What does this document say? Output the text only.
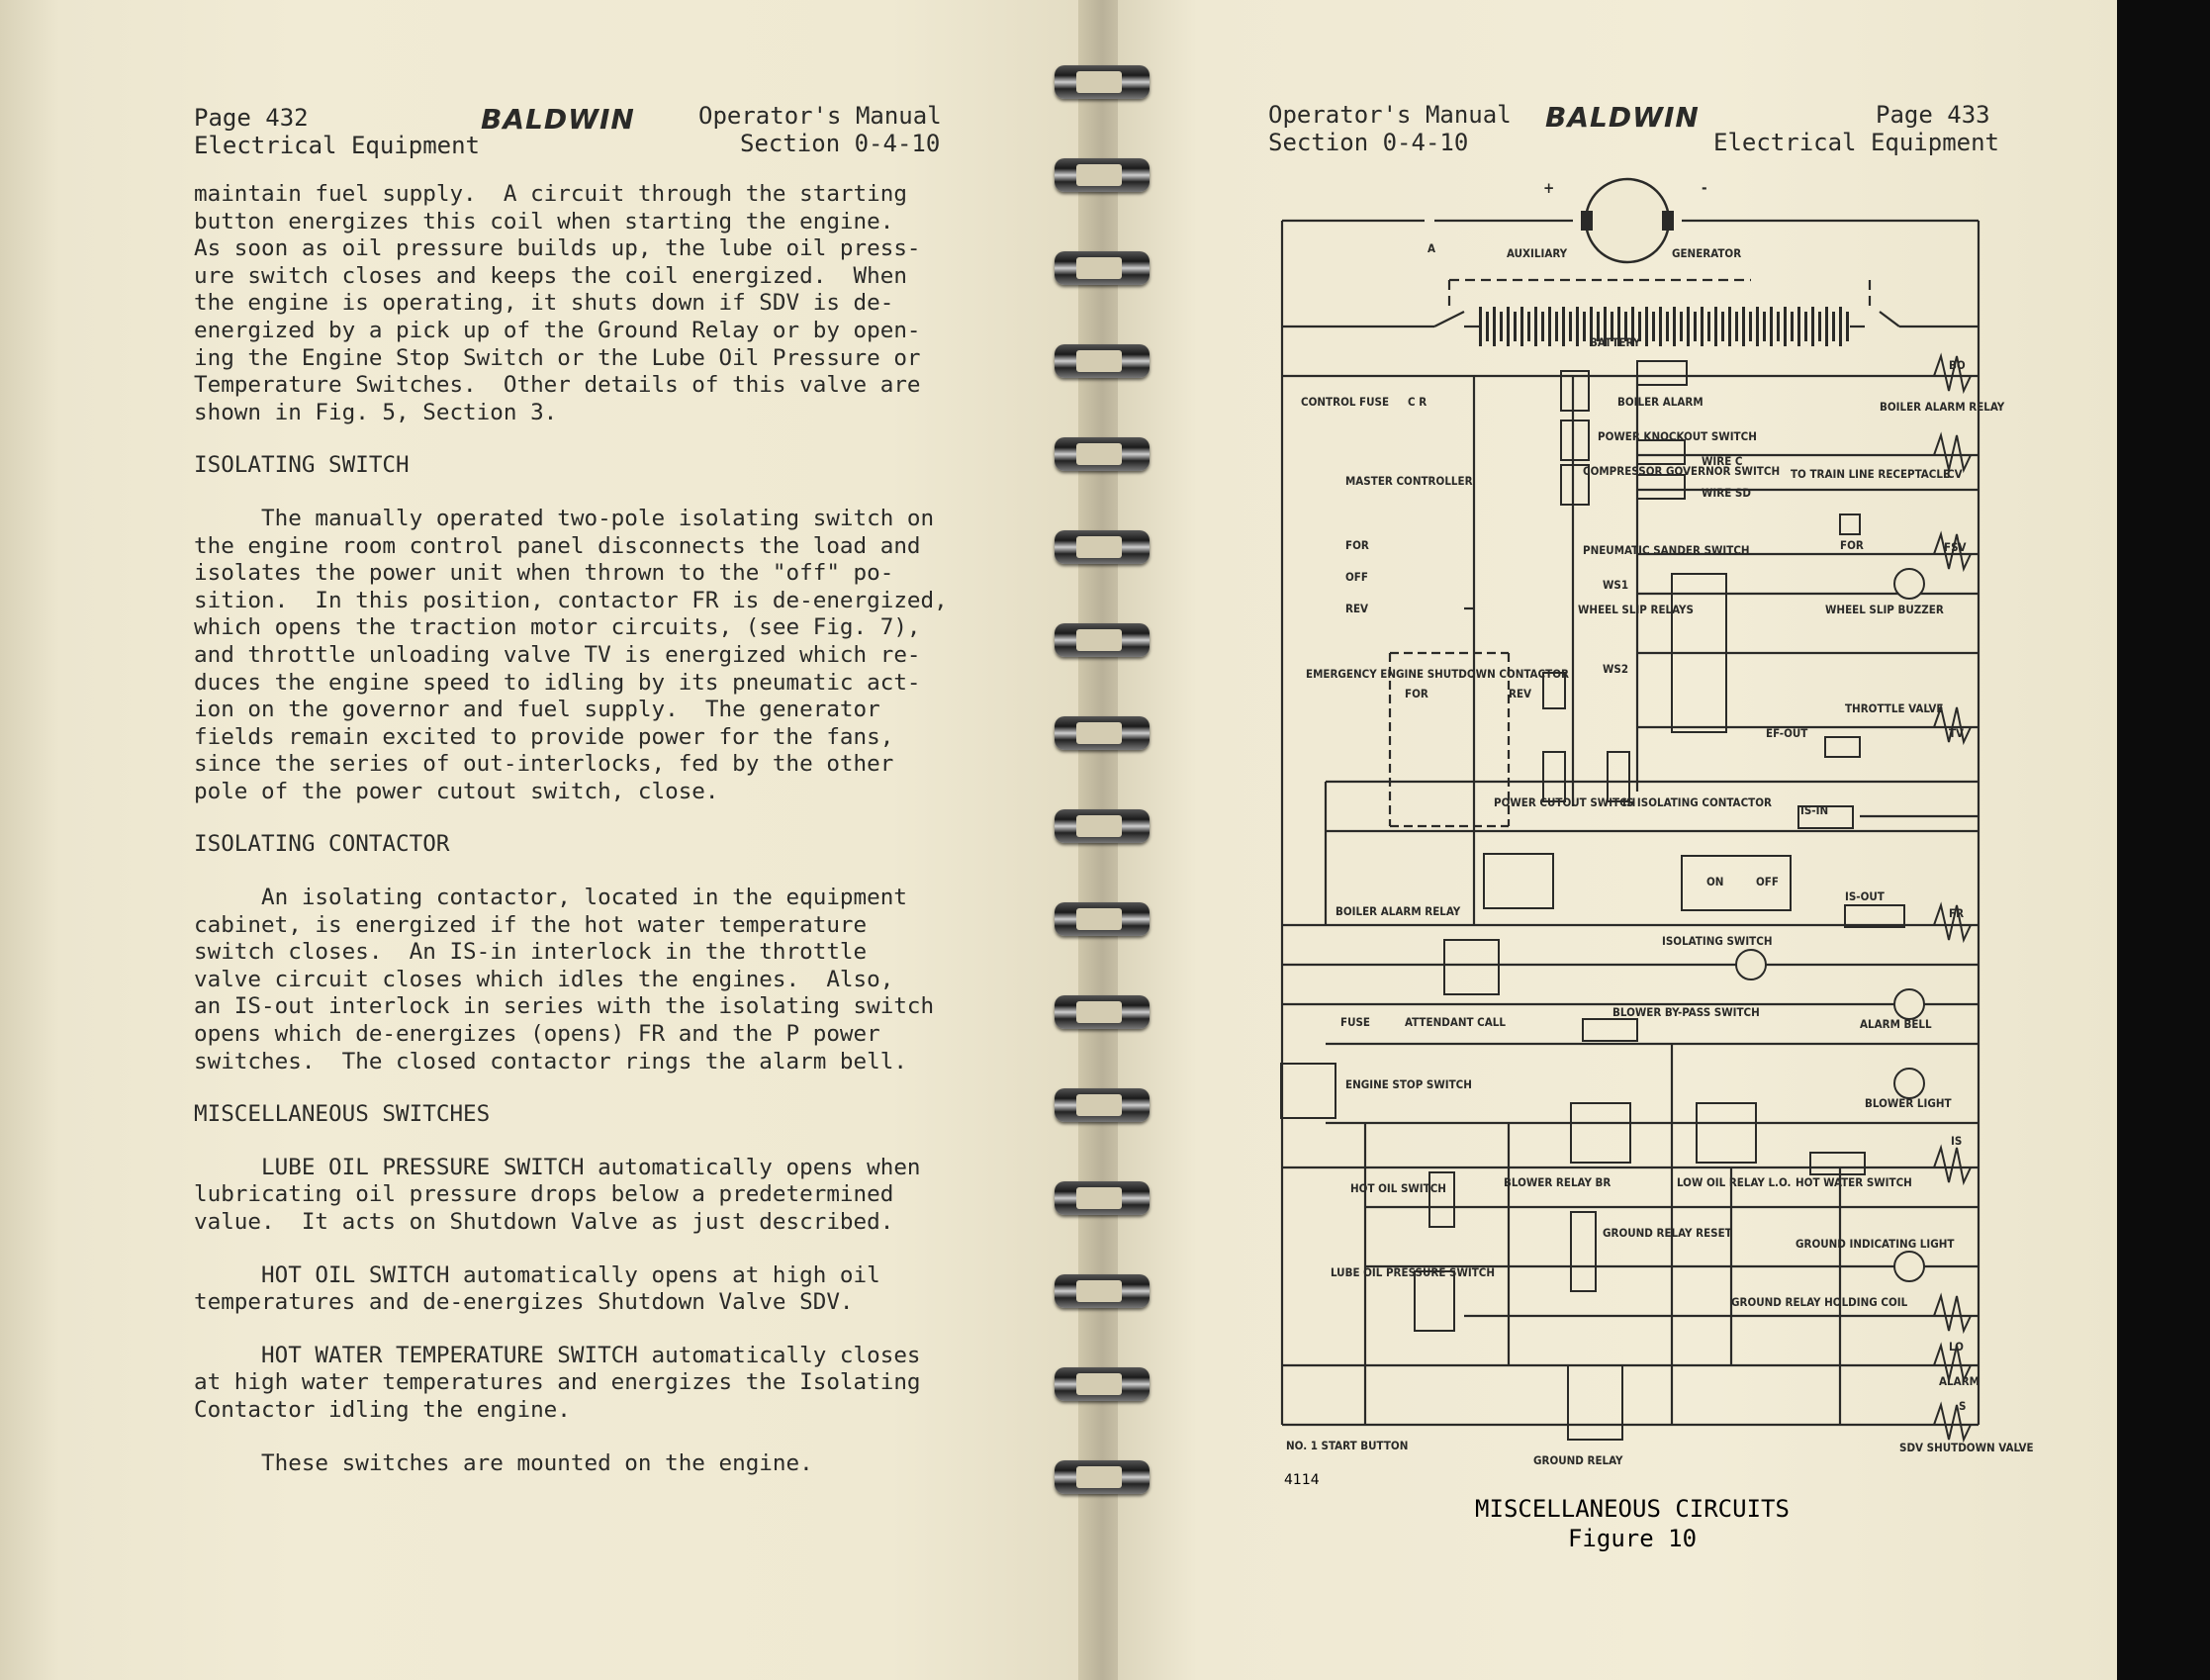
Page 432
Electrical Equipment
BALDWIN	Operator's Manual
Section 0-4-10

maintain fuel supply.  A circuit through the starting

button energizes this coil when starting the engine.

As soon as oil pressure builds up, the lube oil press-

ure switch closes and keeps the coil energized.  When

the engine is operating, it shuts down if SDV is de-

energized by a pick up of the Ground Relay or by open-

ing the Engine Stop Switch or the Lube Oil Pressure or

Temperature Switches.  Other details of this valve are

shown in Fig. 5, Section 3.

ISOLATING SWITCH

The manually operated two-pole isolating switch on

the engine room control panel disconnects the load and

isolates the power unit when thrown to the "off" po-

sition.  In this position, contactor FR is de-energized,

which opens the traction motor circuits, (see Fig. 7),

and throttle unloading valve TV is energized which re-

duces the engine speed to idling by its pneumatic act-

ion on the governor and fuel supply.  The generator

fields remain excited to provide power for the fans,

since the series of out-interlocks, fed by the other

pole of the power cutout switch, close.

ISOLATING CONTACTOR

An isolating contactor, located in the equipment

cabinet, is energized if the hot water temperature

switch closes.  An IS-in interlock in the throttle

valve circuit closes which idles the engines.  Also,

an IS-out interlock in series with the isolating switch

opens which de-energizes (opens) FR and the P power

switches.  The closed contactor rings the alarm bell.

MISCELLANEOUS SWITCHES

LUBE OIL PRESSURE SWITCH automatically opens when

lubricating oil pressure drops below a predetermined

value.  It acts on Shutdown Valve as just described.

HOT OIL SWITCH automatically opens at high oil

temperatures and de-energizes Shutdown Valve SDV.

HOT WATER TEMPERATURE SWITCH automatically closes

at high water temperatures and energizes the Isolating

Contactor idling the engine.

These switches are mounted on the engine.

Operator's Manual
Section 0-4-10
BALDWIN	Page 433
Electrical Equipment
A
+	-
AUXILIARY	GENERATOR
BATTERY
CONTROL FUSE C R	BOILER ALARM
BO
BOILER ALARM RELAY
POWER KNOCKOUT SWITCH
MASTER CONTROLLER
COMPRESSOR GOVERNOR SWITCH
WIRE C
WIRE SD
TO TRAIN LINE RECEPTACLE
CV
FOR	FSV
FOR
OFF
REV
PNEUMATIC SANDER SWITCH
WS1
WHEEL SLIP RELAYS
WS2
WHEEL SLIP BUZZER
EMERGENCY ENGINE SHUTDOWN CONTACTOR
FOR	REV
THROTTLE VALVE
TV
EF-OUT
POWER CUTOUT SWITCH
IS ISOLATING CONTACTOR
IS-IN
ON	OFF
IS-OUT
FR
BOILER ALARM RELAY
ISOLATING SWITCH
FUSE	ATTENDANT CALL
BLOWER BY-PASS SWITCH
ALARM BELL
ENGINE STOP SWITCH
BLOWER LIGHT
IS
BLOWER RELAY BR	LOW OIL RELAY L.O. HOT WATER SWITCH
HOT OIL SWITCH
GROUND RELAY RESET
GROUND INDICATING LIGHT
LUBE OIL PRESSURE SWITCH
GROUND RELAY HOLDING COIL
LO
ALARM
S
NO. 1 START BUTTON
GROUND RELAY
SDV SHUTDOWN VALVE
4114
MISCELLANEOUS CIRCUITS
Figure 10
